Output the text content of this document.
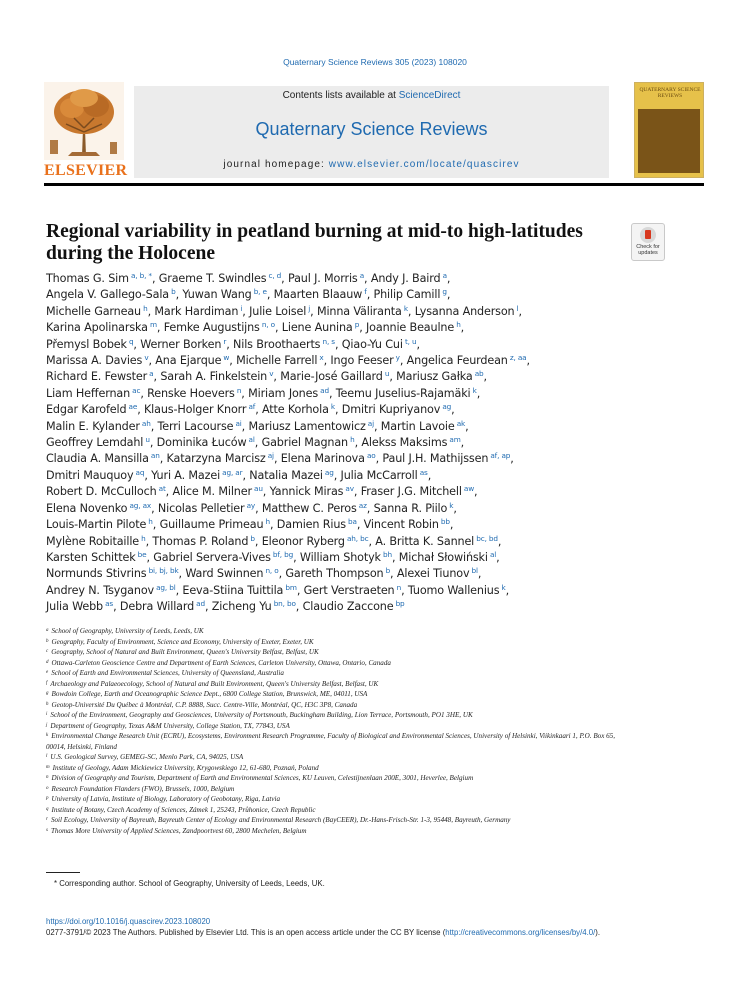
Quaternary Science Reviews 305 (2023) 108020
ELSEVIER
Contents lists available at ScienceDirect
Quaternary Science Reviews
journal homepage: www.elsevier.com/locate/quascirev
QUATERNARY SCIENCE REVIEWS
Regional variability in peatland burning at mid-to high-latitudes during the Holocene	Check for updates
Thomas G. Sim  $^{a, b, *}$, Graeme T. Swindles  $^{c, d}$, Paul J. Morris  $^a$, Andy J. Baird  $^a$,
Angela V. Gallego-Sala  $^b$, Yuwan Wang  $^{b, e}$, Maarten Blaauw  $^f$, Philip Camill  $^g$,
Michelle Garneau  $^h$, Mark Hardiman  $^i$, Julie Loisel  $^j$, Minna Väliranta  $^k$, Lysanna Anderson  $^l$,
Karina Apolinarska  $^m$, Femke Augustijns  $^{n, o}$, Liene Aunina  $^p$, Joannie Beaulne  $^h$,
Přemysl Bobek  $^q$, Werner Borken  $^r$, Nils Broothaerts  $^{n, s}$, Qiao-Yu Cui  $^{t, u}$,
Marissa A. Davies  $^v$, Ana Ejarque  $^w$, Michelle Farrell  $^x$, Ingo Feeser  $^y$, Angelica Feurdean  $^{z, aa}$,
Richard E. Fewster  $^a$, Sarah A. Finkelstein  $^v$, Marie-José Gaillard  $^u$, Mariusz Gałka  $^{ab}$,
Liam Heffernan  $^{ac}$, Renske Hoevers  $^n$, Miriam Jones  $^{ad}$, Teemu Juselius-Rajamäki  $^k$,
Edgar Karofeld  $^{ae}$, Klaus-Holger Knorr  $^{af}$, Atte Korhola  $^k$, Dmitri Kupriyanov  $^{ag}$,
Malin E. Kylander  $^{ah}$, Terri Lacourse  $^{ai}$, Mariusz Lamentowicz  $^{aj}$, Martin Lavoie  $^{ak}$,
Geoffrey Lemdahl  $^u$, Dominika Łuców  $^{al}$, Gabriel Magnan  $^h$, Alekss Maksims  $^{am}$,
Claudia A. Mansilla  $^{an}$, Katarzyna Marcisz  $^{aj}$, Elena Marinova  $^{ao}$, Paul J.H. Mathijssen  $^{af, ap}$,
Dmitri Mauquoy  $^{aq}$, Yuri A. Mazei  $^{ag, ar}$, Natalia Mazei  $^{ag}$, Julia McCarroll  $^{as}$,
Robert D. McCulloch  $^{at}$, Alice M. Milner  $^{au}$, Yannick Miras  $^{av}$, Fraser J.G. Mitchell  $^{aw}$,
Elena Novenko  $^{ag, ax}$, Nicolas Pelletier  $^{ay}$, Matthew C. Peros  $^{az}$, Sanna R. Piilo  $^k$,
Louis-Martin Pilote  $^h$, Guillaume Primeau  $^h$, Damien Rius  $^{ba}$, Vincent Robin  $^{bb}$,
Mylène Robitaille  $^h$, Thomas P. Roland  $^b$, Eleonor Ryberg  $^{ah, bc}$, A. Britta K. Sannel  $^{bc, bd}$,
Karsten Schittek  $^{be}$, Gabriel Servera-Vives  $^{bf, bg}$, William Shotyk  $^{bh}$, Michał Słowiński  $^{al}$,
Normunds Stivrins  $^{bi, bj, bk}$, Ward Swinnen  $^{n, o}$, Gareth Thompson  $^b$, Alexei Tiunov  $^{bl}$,
Andrey N. Tsyganov  $^{ag, bl}$, Eeva-Stiina Tuittila  $^{bm}$, Gert Verstraeten  $^n$, Tuomo Wallenius  $^k$,
Julia Webb  $^{as}$, Debra Willard  $^{ad}$, Zicheng Yu  $^{bn, bo}$, Claudio Zaccone  $^{bp}$
$^a$ School of Geography, University of Leeds, Leeds, UK
$^b$ Geography, Faculty of Environment, Science and Economy, University of Exeter, Exeter, UK
$^c$ Geography, School of Natural and Built Environment, Queen's University Belfast, Belfast, UK
$^d$ Ottawa-Carleton Geoscience Centre and Department of Earth Sciences, Carleton University, Ottawa, Ontario, Canada
$^e$ School of Earth and Environmental Sciences, University of Queensland, Australia
$^f$ Archaeology and Palaeoecology, School of Natural and Built Environment, Queen's University Belfast, Belfast, UK
$^g$ Bowdoin College, Earth and Oceanographic Science Dept., 6800 College Station, Brunswick, ME, 04011, USA
$^h$ Geotop-Université Du Québec à Montréal, C.P. 8888, Succ. Centre-Ville, Montréal, QC, H3C 3P8, Canada
$^i$ School of the Environment, Geography and Geosciences, University of Portsmouth, Buckingham Building, Lion Terrace, Portsmouth, PO1 3HE, UK
$^j$ Department of Geography, Texas A&M University, College Station, TX, 77843, USA
$^k$ Environmental Change Research Unit (ECRU), Ecosystems, Environment Research Programme, Faculty of Biological and Environmental Sciences, University of Helsinki, Viikinkaari 1, P.O. Box 65, 00014, Helsinki, Finland
$^l$ U.S. Geological Survey, GEMEG-SC, Menlo Park, CA, 94025, USA
$^m$ Institute of Geology, Adam Mickiewicz University, Krygowskiego 12, 61-680, Poznań, Poland
$^n$ Division of Geography and Tourism, Department of Earth and Environmental Sciences, KU Leuven, Celestijnenlaan 200E, 3001, Heverlee, Belgium
$^o$ Research Foundation Flanders (FWO), Brussels, 1000, Belgium
$^p$ University of Latvia, Institute of Biology, Laboratory of Geobotany, Riga, Latvia
$^q$ Institute of Botany, Czech Academy of Sciences, Zámek 1, 25243, Průhonice, Czech Republic
$^r$ Soil Ecology, University of Bayreuth, Bayreuth Center of Ecology and Environmental Research (BayCEER), Dr.-Hans-Frisch-Str. 1-3, 95448, Bayreuth, Germany
$^s$ Thomas More University of Applied Sciences, Zandpoortvest 60, 2800 Mechelen, Belgium
* Corresponding author. School of Geography, University of Leeds, Leeds, UK.
https://doi.org/10.1016/j.quascirev.2023.108020
0277-3791/© 2023 The Authors. Published by Elsevier Ltd. This is an open access article under the CC BY license (http://creativecommons.org/licenses/by/4.0/).
